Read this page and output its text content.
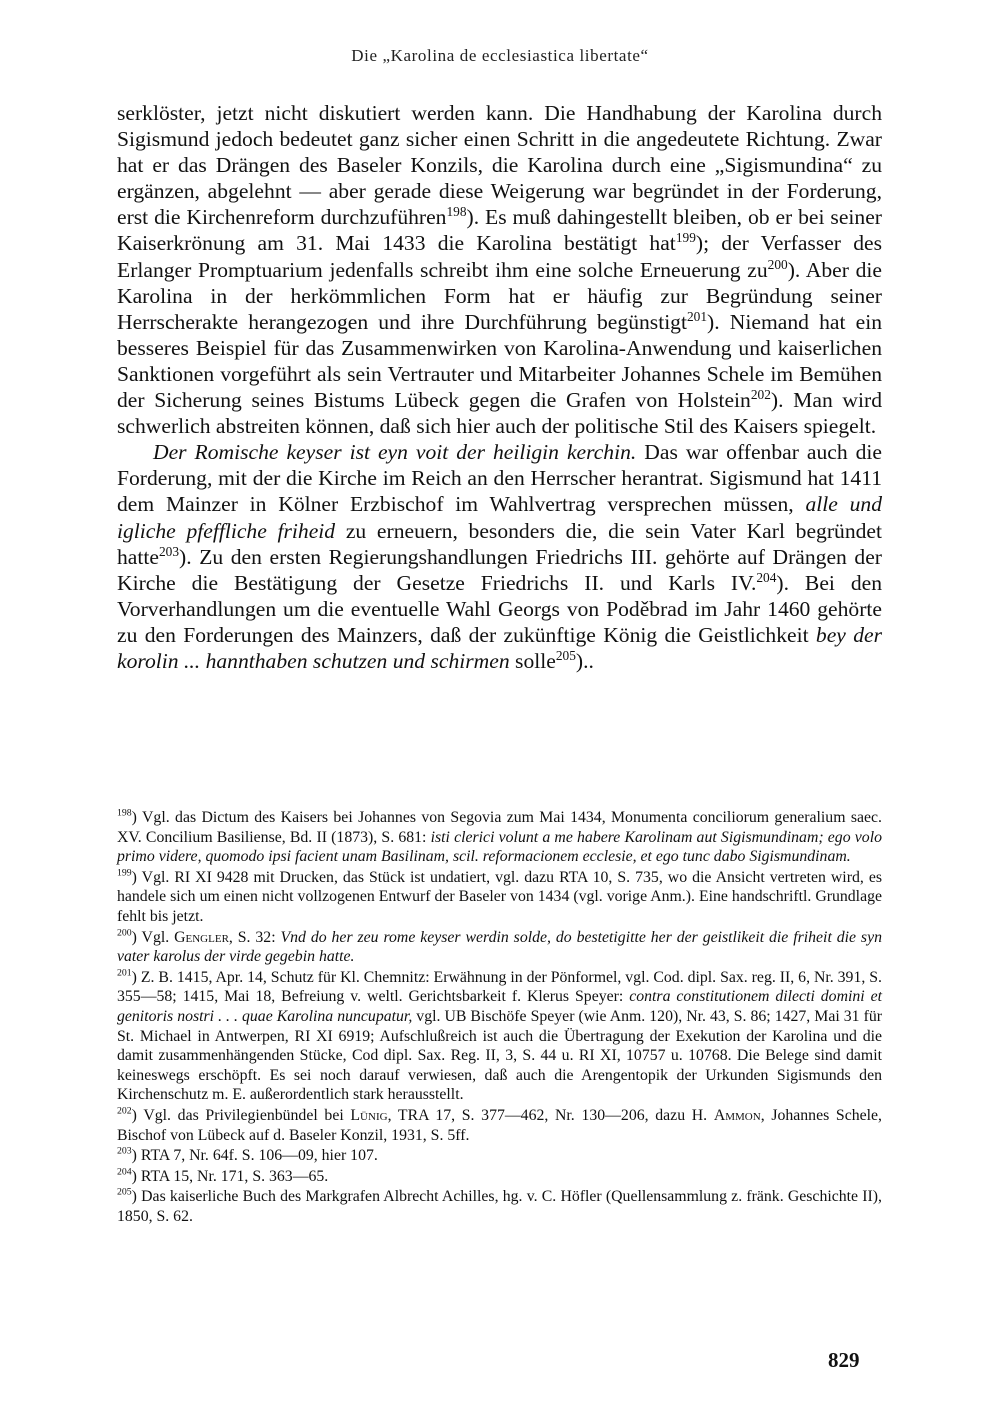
Die „Karolina de ecclesiastica libertate“

serklöster, jetzt nicht diskutiert werden kann. Die Handhabung der Karolina durch Sigismund jedoch bedeutet ganz sicher einen Schritt in die angedeutete Richtung. Zwar hat er das Drängen des Baseler Konzils, die Karolina durch eine „Sigismundina“ zu ergänzen, abgelehnt — aber gerade diese Weigerung war begründet in der Forderung, erst die Kirchenreform durchzuführen$^{198}$). Es muß dahingestellt bleiben, ob er bei seiner Kaiserkrönung am 31. Mai 1433 die Karolina bestätigt hat$^{199}$); der Verfasser des Erlanger Promptuarium jedenfalls schreibt ihm eine solche Erneuerung $zu^{200}$). Aber die Karolina in der herkömmlichen Form hat er häufig zur Begründung seiner Herrscherakte herangezogen und ihre Durchführung begünstigt$^{201}$). Niemand hat ein besseres Beispiel für das Zusammenwirken von Karolina-Anwendung und kaiserlichen Sanktionen vorgeführt als sein Vertrauter und Mitarbeiter Johannes Schele im Bemühen der Sicherung seines Bistums Lübeck gegen die Grafen von Holstein$^{202}$). Man wird schwerlich abstreiten können, daß sich hier auch der politische Stil des Kaisers spiegelt.

Der Romische keyser ist eyn voit der heiligin kerchin. Das war offenbar auch die Forderung, mit der die Kirche im Reich an den Herrscher herantrat. Sigismund hat 1411 dem Mainzer in Kölner Erzbischof im Wahlvertrag versprechen müssen, alle und igliche pfeffliche friheid zu erneuern, besonders die, die sein Vater Karl begründet hatte$^{203}$). Zu den ersten Regierungshandlungen Friedrichs III. gehörte auf Drängen der Kirche die Bestätigung der Gesetze Friedrichs II. und Karls IV.$^{204}$). Bei den Vorverhandlungen um die eventuelle Wahl Georgs von Poděbrad im Jahr 1460 gehörte zu den Forderungen des Mainzers, daß der zukünftige König die Geistlichkeit bey der korolin ... hannthaben schutzen und schirmen solle$^{205}$)..

$^{198}$) Vgl. das Dictum des Kaisers bei Johannes von Segovia zum Mai 1434, Monumenta conciliorum generalium saec. XV. Concilium Basiliense, Bd. II (1873), S. 681: isti clerici volunt a me habere Karolinam aut Sigismundinam; ego volo primo videre, quomodo ipsi facient unam Basilinam, scil. reformacionem ecclesie, et ego tunc dabo Sigismundinam.

$^{199}$) Vgl. RI XI 9428 mit Drucken, das Stück ist undatiert, vgl. dazu RTA 10, S. 735, wo die Ansicht vertreten wird, es handele sich um einen nicht vollzogenen Entwurf der Baseler von 1434 (vgl. vorige Anm.). Eine handschriftl. Grundlage fehlt bis jetzt.

$^{200}$) Vgl. Gengler, S. 32: Vnd do her zeu rome keyser werdin solde, do bestetigitte her der geistlikeit die friheit die syn vater karolus der virde gegebin hatte.

$^{201}$) Z. B. 1415, Apr. 14, Schutz für Kl. Chemnitz: Erwähnung in der Pönformel, vgl. Cod. dipl. Sax. reg. II, 6, Nr. 391, S. 355—58; 1415, Mai 18, Befreiung v. weltl. Gerichtsbarkeit f. Klerus Speyer: contra constitutionem dilecti domini et genitoris nostri . . . quae Karolina nuncupatur, vgl. UB Bischöfe Speyer (wie Anm. 120), Nr. 43, S. 86; 1427, Mai 31 für St. Michael in Antwerpen, RI XI 6919; Aufschlußreich ist auch die Übertragung der Exekution der Karolina und die damit zusammenhängenden Stücke, Cod dipl. Sax. Reg. II, 3, S. 44 u. RI XI, 10757 u. 10768. Die Belege sind damit keineswegs erschöpft. Es sei noch darauf verwiesen, daß auch die Arengentopik der Urkunden Sigismunds den Kirchenschutz m. E. außerordentlich stark herausstellt.

$^{202}$) Vgl. das Privilegienbündel bei Lünig, TRA 17, S. 377—462, Nr. 130—206, dazu H. Ammon, Johannes Schele, Bischof von Lübeck auf d. Baseler Konzil, 1931, S. 5ff.

$^{203}$) RTA 7, Nr. 64f. S. 106—09, hier 107.

$^{204}$) RTA 15, Nr. 171, S. 363—65.

$^{205}$) Das kaiserliche Buch des Markgrafen Albrecht Achilles, hg. v. C. Höfler (Quellensammlung z. fränk. Geschichte II), 1850, S. 62.

829
